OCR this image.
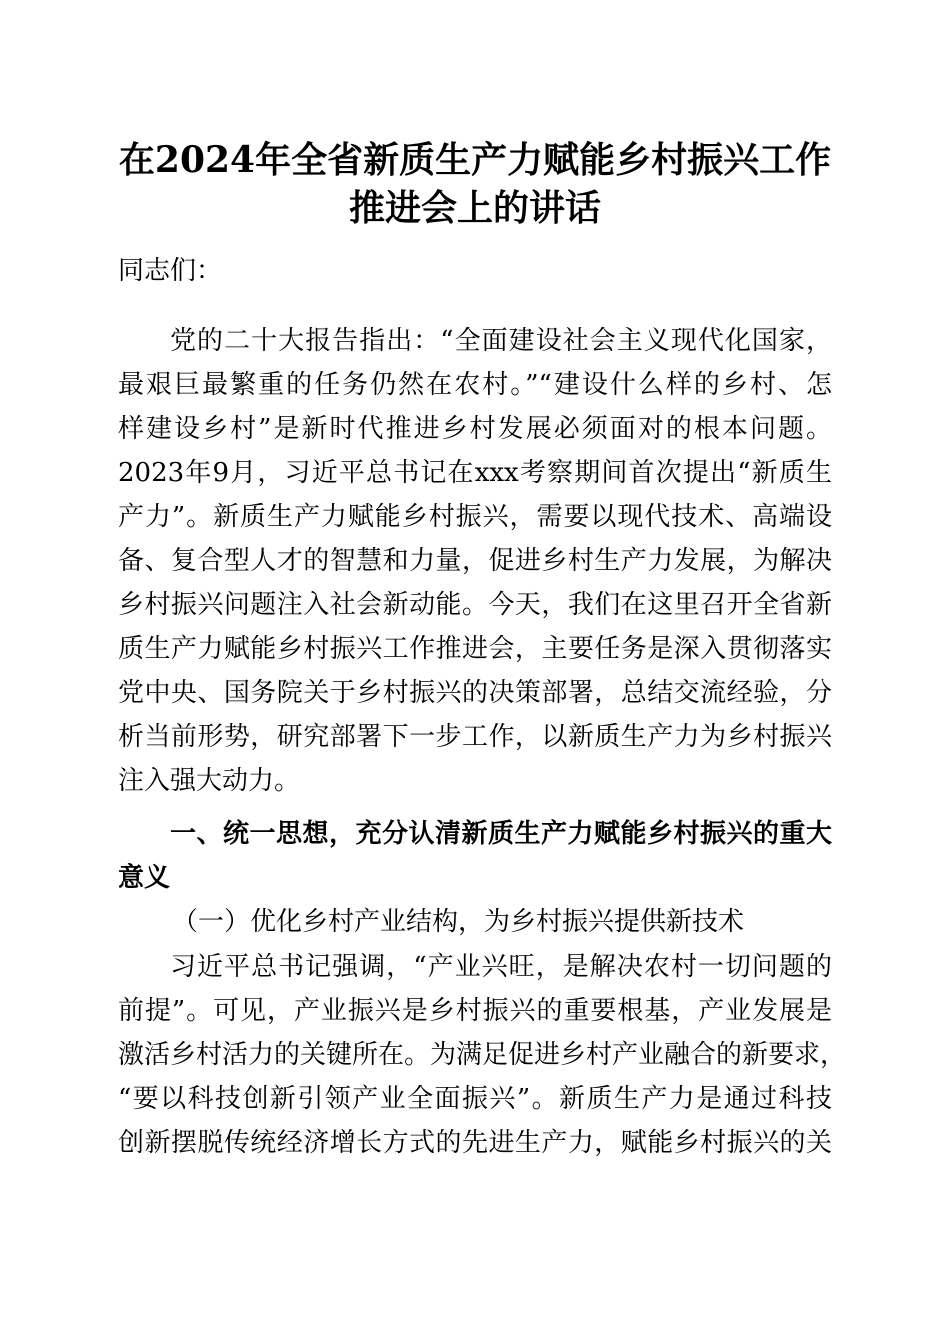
在2024年全省新质生产力赋能乡村振兴工作
推进会上的讲话
同志们：
党的二十大报告指出：“全面建设社会主义现代化国家，
最艰巨最繁重的任务仍然在农村。”“建设什么样的乡村、怎
样建设乡村”是新时代推进乡村发展必须面对的根本问题。
2023年9月，习近平总书记在xxx考察期间首次提出“新质生
产力”。新质生产力赋能乡村振兴，需要以现代技术、高端设
备、复合型人才的智慧和力量，促进乡村生产力发展，为解决
乡村振兴问题注入社会新动能。今天，我们在这里召开全省新
质生产力赋能乡村振兴工作推进会，主要任务是深入贯彻落实
党中央、国务院关于乡村振兴的决策部署，总结交流经验，分
析当前形势，研究部署下一步工作，以新质生产力为乡村振兴
注入强大动力。
一、统一思想，充分认清新质生产力赋能乡村振兴的重大
意义
（一）优化乡村产业结构，为乡村振兴提供新技术
习近平总书记强调，“产业兴旺，是解决农村一切问题的
前提”。可见，产业振兴是乡村振兴的重要根基，产业发展是
激活乡村活力的关键所在。为满足促进乡村产业融合的新要求，
“要以科技创新引领产业全面振兴”。新质生产力是通过科技
创新摆脱传统经济增长方式的先进生产力，赋能乡村振兴的关
